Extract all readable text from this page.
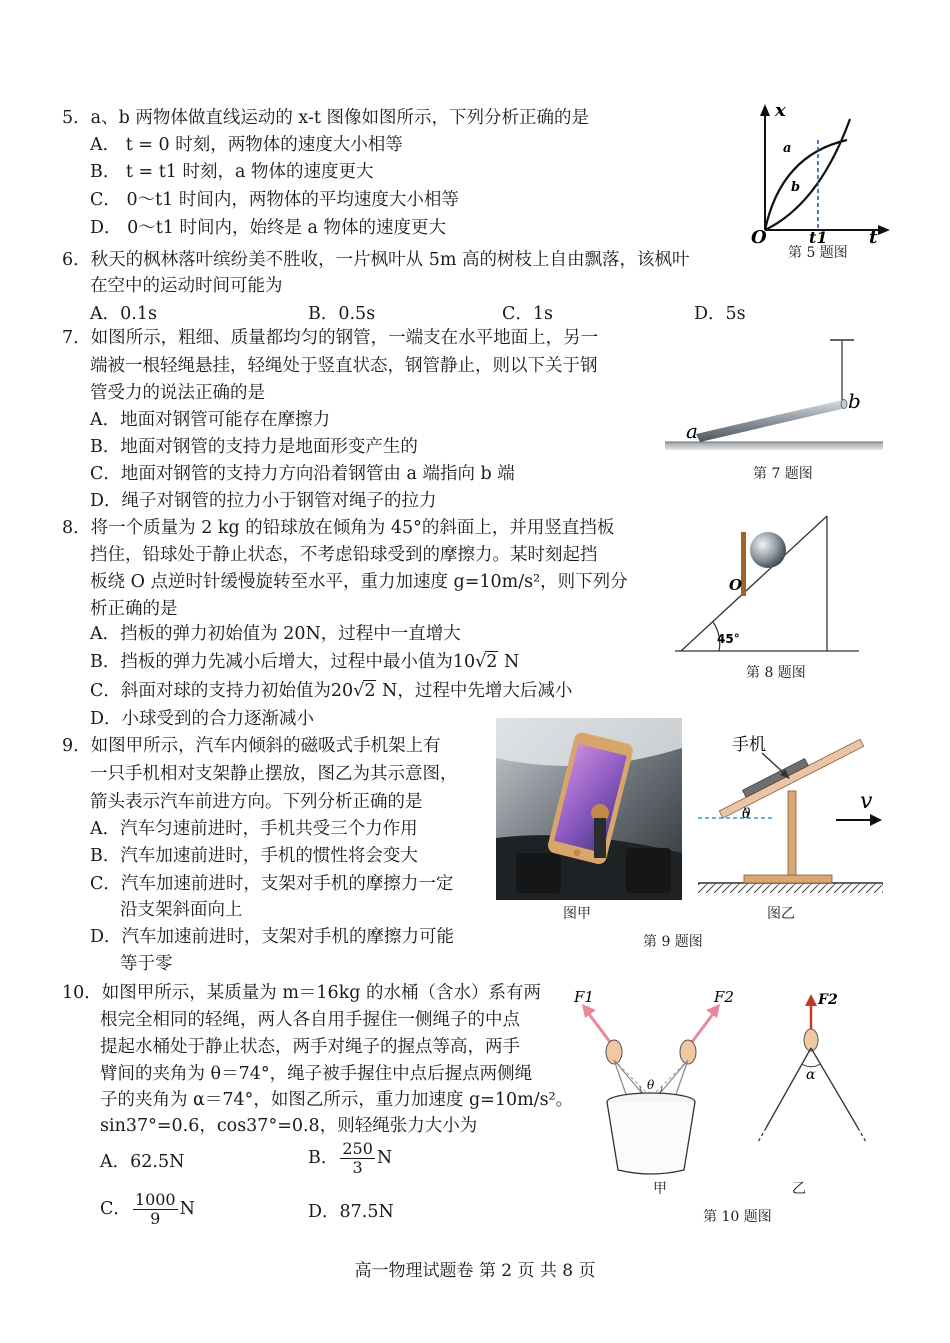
5．a、b 两物体做直线运动的 x-t 图像如图所示，下列分析正确的是
A． t = 0 时刻，两物体的速度大小相等
B． t = t1 时刻，a 物体的速度更大
C． 0～t1 时间内，两物体的平均速度大小相等
D． 0～t1 时间内，始终是 a 物体的速度更大
x
t
O
a
b
t1
第 5 题图
6．秋天的枫林落叶缤纷美不胜收，一片枫叶从 5m 高的树枝上自由飘落，该枫叶
在空中的运动时间可能为
A．0.1s	B．0.5s	C．1s	D．5s
7．如图所示，粗细、质量都均匀的钢管，一端支在水平地面上，另一
端被一根轻绳悬挂，轻绳处于竖直状态，钢管静止，则以下关于钢
管受力的说法正确的是
A．地面对钢管可能存在摩擦力
B．地面对钢管的支持力是地面形变产生的
C．地面对钢管的支持力方向沿着钢管由 a 端指向 b 端
D．绳子对钢管的拉力小于钢管对绳子的拉力
a
b
第 7 题图
8．将一个质量为 2 kg 的铅球放在倾角为 45°的斜面上，并用竖直挡板
挡住，铅球处于静止状态，不考虑铅球受到的摩擦力。某时刻起挡
板绕 O 点逆时针缓慢旋转至水平，重力加速度 g=10m/s²，则下列分
析正确的是
A．挡板的弹力初始值为 20N，过程中一直增大
B．挡板的弹力先减小后增大，过程中最小值为10√2 N
C．斜面对球的支持力初始值为20√2 N，过程中先增大后减小
D．小球受到的合力逐渐减小
O
45°
第 8 题图
9．如图甲所示，汽车内倾斜的磁吸式手机架上有
一只手机相对支架静止摆放，图乙为其示意图，
箭头表示汽车前进方向。下列分析正确的是
A．汽车匀速前进时，手机共受三个力作用
B．汽车加速前进时，手机的惯性将会变大
C．汽车加速前进时，支架对手机的摩擦力一定
沿支架斜面向上
D．汽车加速前进时，支架对手机的摩擦力可能
等于零
图甲
手机
θ	v
图乙
第 9 题图
10．如图甲所示，某质量为 m＝16kg 的水桶（含水）系有两
根完全相同的轻绳，两人各自用手握住一侧绳子的中点
提起水桶处于静止状态，两手对绳子的握点等高，两手
臂间的夹角为 θ＝74°，绳子被手握住中点后握点两侧绳
子的夹角为 α＝74°，如图乙所示，重力加速度 g=10m/s²。
sin37°=0.6，cos37°=0.8，则轻绳张力大小为
A．62.5N	B． $\frac{250}{3}$ N
C． $\frac{1000}{9}$ N	D．87.5N
F1	F2	F2
θ
α
甲	乙
第 10 题图
高一物理试题卷 第 2 页 共 8 页
